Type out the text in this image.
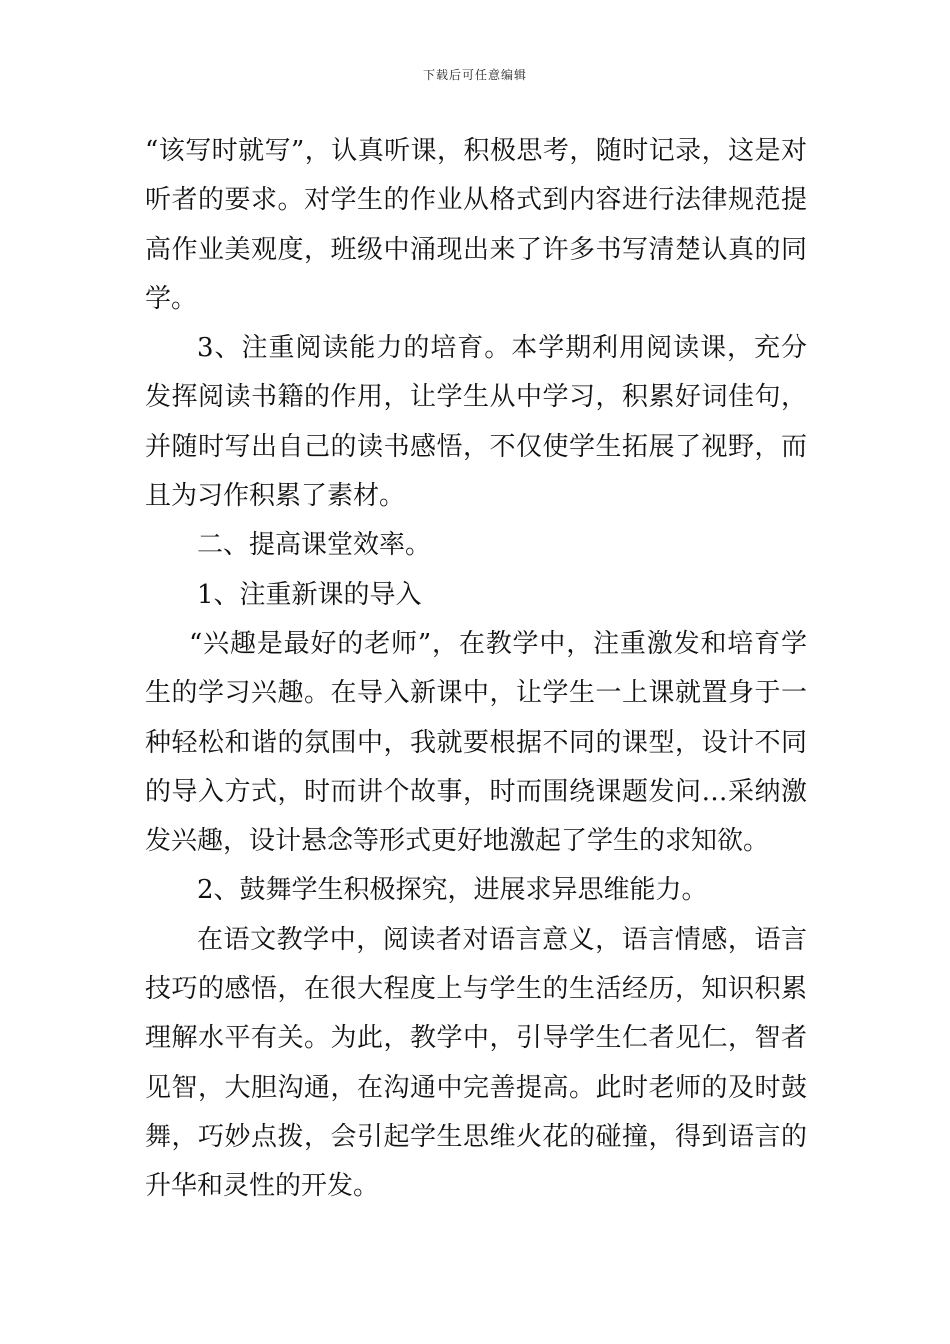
下载后可任意编辑

“该写时就写”，认真听课，积极思考，随时记录，这是对听者的要求。对学生的作业从格式到内容进行法律规范提高作业美观度，班级中涌现出来了许多书写清楚认真的同学。

3、注重阅读能力的培育。本学期利用阅读课，充分发挥阅读书籍的作用，让学生从中学习，积累好词佳句，并随时写出自己的读书感悟，不仅使学生拓展了视野，而且为习作积累了素材。

二、提高课堂效率。

1、注重新课的导入

“兴趣是最好的老师”，在教学中，注重激发和培育学生的学习兴趣。在导入新课中，让学生一上课就置身于一种轻松和谐的氛围中，我就要根据不同的课型，设计不同的导入方式，时而讲个故事，时而围绕课题发问…采纳激发兴趣，设计悬念等形式更好地激起了学生的求知欲。

2、鼓舞学生积极探究，进展求异思维能力。

在语文教学中，阅读者对语言意义，语言情感，语言技巧的感悟，在很大程度上与学生的生活经历，知识积累理解水平有关。为此，教学中，引导学生仁者见仁，智者见智，大胆沟通，在沟通中完善提高。此时老师的及时鼓舞，巧妙点拨，会引起学生思维火花的碰撞，得到语言的升华和灵性的开发。
